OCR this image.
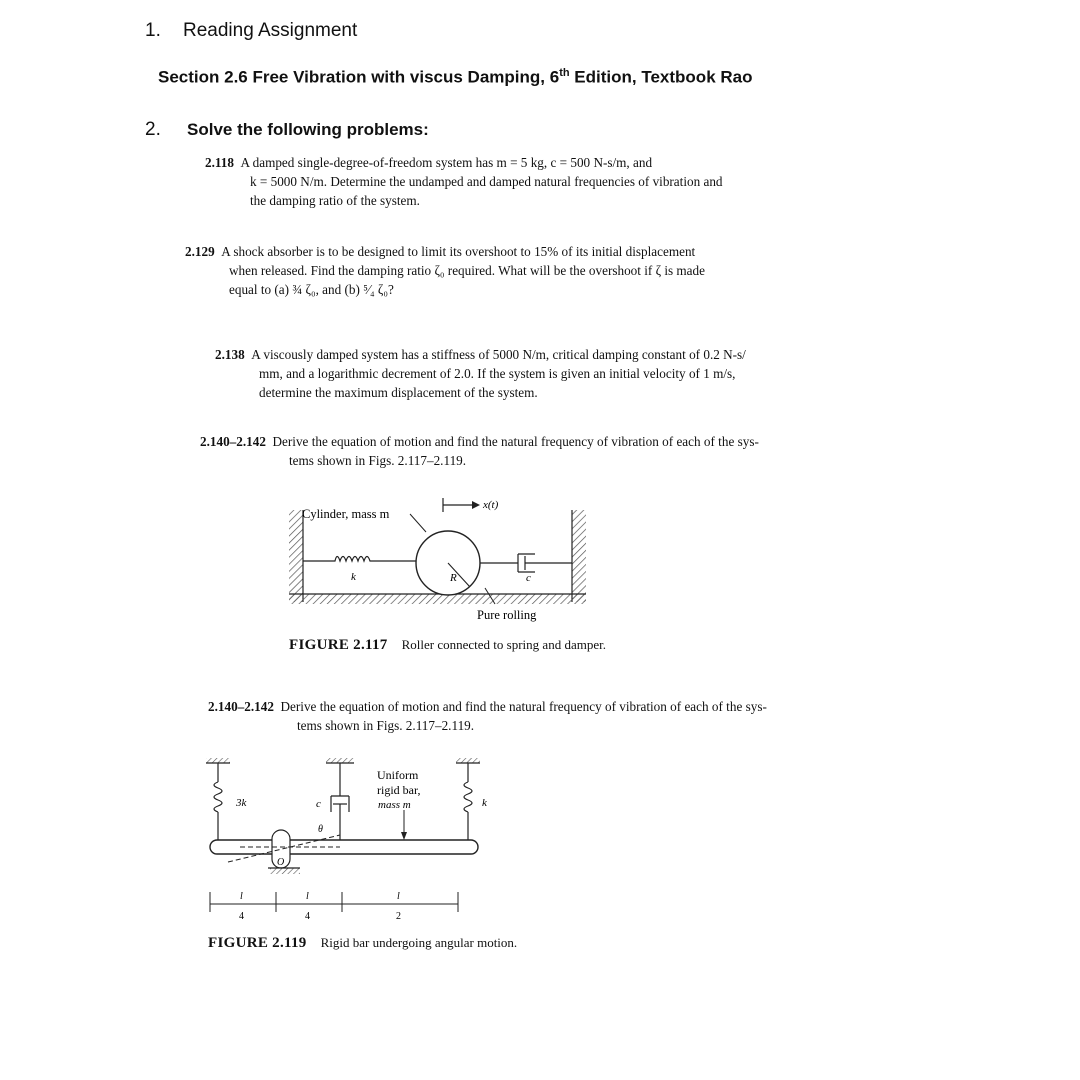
1. Reading Assignment
Section 2.6 Free Vibration with viscus Damping, 6th Edition, Textbook Rao
2. Solve the following problems:
2.118 A damped single-degree-of-freedom system has m = 5 kg, c = 500 N-s/m, and
k = 5000 N/m. Determine the undamped and damped natural frequencies of vibration and
the damping ratio of the system.
2.129 A shock absorber is to be designed to limit its overshoot to 15% of its initial displacement
when released. Find the damping ratio ζ₀ required. What will be the overshoot if ζ is made
equal to (a) ¾ ζ₀, and (b) ⁵⁄₄ ζ₀?
2.138 A viscously damped system has a stiffness of 5000 N/m, critical damping constant of 0.2 N-s/
mm, and a logarithmic decrement of 2.0. If the system is given an initial velocity of 1 m/s,
determine the maximum displacement of the system.
2.140–2.142 Derive the equation of motion and find the natural frequency of vibration of each of the sys-
tems shown in Figs. 2.117–2.119.
Cylinder, mass m
x(t)
k	R	c
Pure rolling
FIGURE 2.117 Roller connected to spring and damper.
2.140–2.142 Derive the equation of motion and find the natural frequency of vibration of each of the sys-
tems shown in Figs. 2.117–2.119.
3k	c
θ
O
k
Uniform
rigid bar,
mass m
l
4
l
4
l
2
FIGURE 2.119 Rigid bar undergoing angular motion.
